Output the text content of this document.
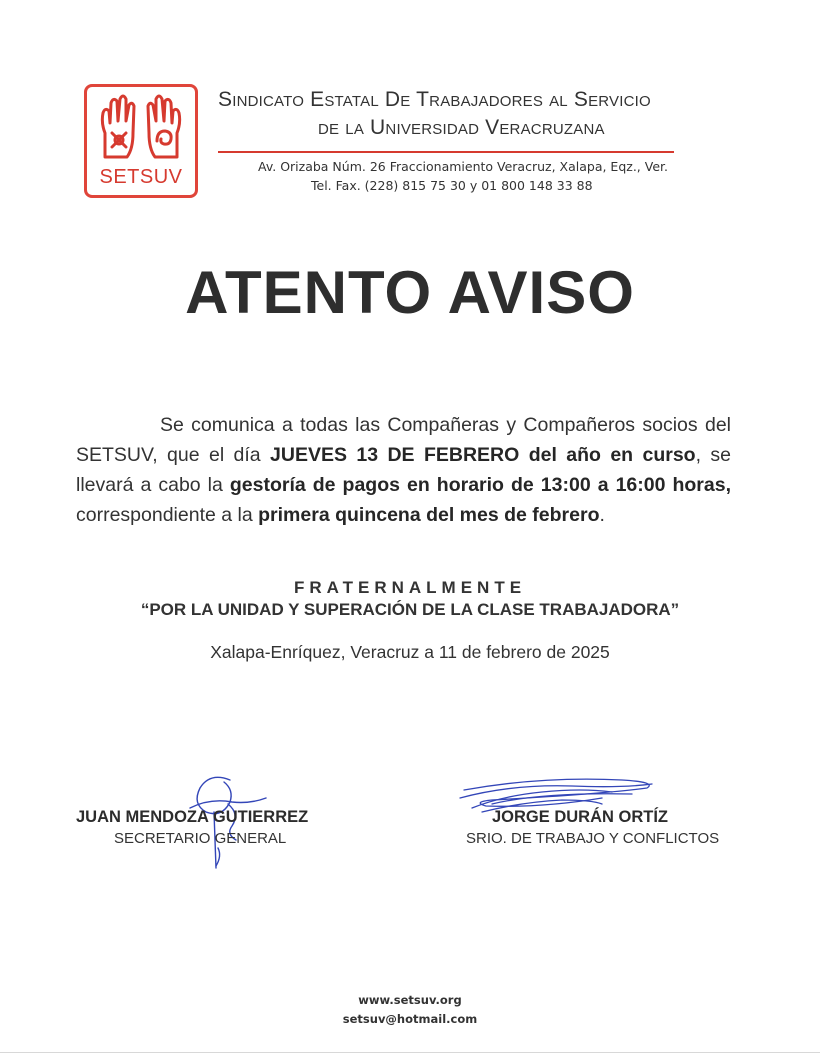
SETSUV
Sindicato Estatal De Trabajadores al Servicio
de la Universidad Veracruzana
Av. Orizaba Núm. 26 Fraccionamiento Veracruz, Xalapa, Eqz., Ver.
Tel. Fax. (228) 815 75 30 y 01 800 148 33 88
ATENTO AVISO
Se comunica a todas las Compañeras y Compañeros socios del SETSUV, que el día JUEVES 13 DE FEBRERO del año en curso, se llevará a cabo la gestoría de pagos en horario de 13:00 a 16:00 horas, correspondiente a la primera quincena del mes de febrero.
FRATERNALMENTE
“POR LA UNIDAD Y SUPERACIÓN DE LA CLASE TRABAJADORA”
Xalapa-Enríquez, Veracruz a 11 de febrero de 2025
JUAN MENDOZA GUTIERREZ
SECRETARIO GENERAL
JORGE DURÁN ORTÍZ
SRIO. DE TRABAJO Y CONFLICTOS
www.setsuv.org
setsuv@hotmail.com
